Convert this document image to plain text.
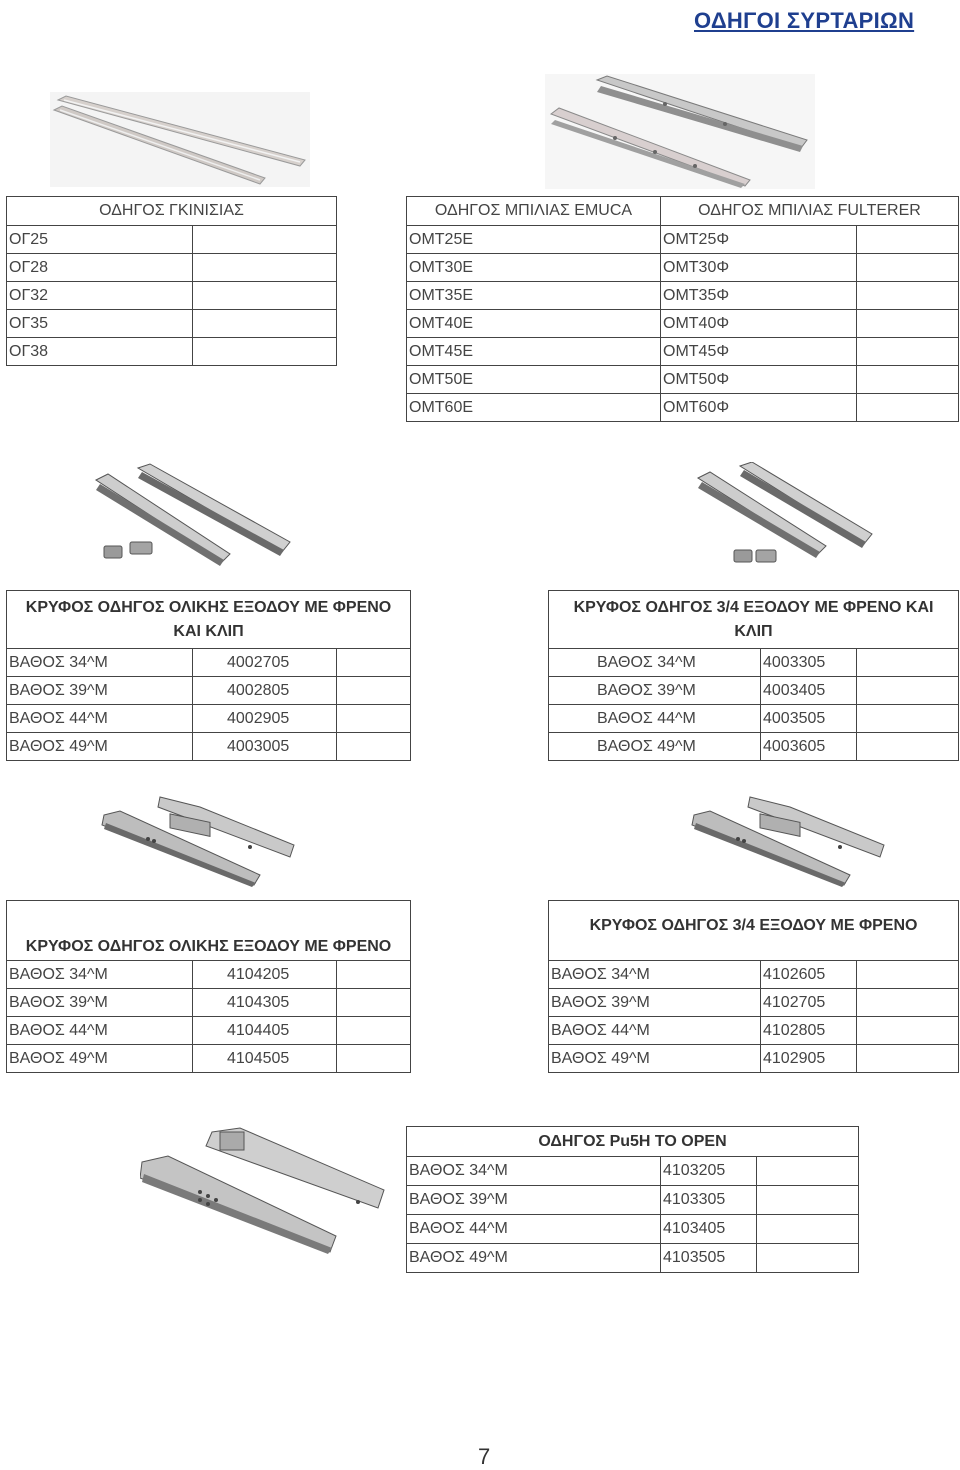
ΟΔΗΓΟΙ ΣΥΡΤΑΡΙΩΝ
ΟΔΗΓΟΣ ΓΚΙΝΙΣΙΑΣ	
ΟΓ25	
ΟΓ28	
ΟΓ32	
ΟΓ35	
ΟΓ38	
ΟΔΗΓΟΣ ΜΠΙΛΙΑΣ EMUCA	ΟΔΗΓΟΣ ΜΠΙΛΙΑΣ FULTERER	
ΟΜΤ25Ε	ΟΜΤ25Φ	
ΟΜΤ30Ε	ΟΜΤ30Φ	
ΟΜΤ35Ε	ΟΜΤ35Φ	
ΟΜΤ40Ε	ΟΜΤ40Φ	
ΟΜΤ45Ε	ΟΜΤ45Φ	
ΟΜΤ50Ε	ΟΜΤ50Φ	
ΟΜΤ60Ε	ΟΜΤ60Φ	
ΚΡΥΦΟΣ ΟΔΗΓΟΣ ΟΛΙΚΗΣ ΕΞΟΔΟΥ ΜΕ ΦΡΕΝΟ
ΚΑΙ ΚΛΙΠ		

ΒΑΘΟΣ 34^Μ	4002705	
ΒΑΘΟΣ 39^Μ	4002805	
ΒΑΘΟΣ 44^Μ	4002905	
ΒΑΘΟΣ 49^Μ	4003005	
ΚΡΥΦΟΣ ΟΔΗΓΟΣ 3/4 ΕΞΟΔΟΥ ΜΕ ΦΡΕΝΟ ΚΑΙ
ΚΛΙΠ		

ΒΑΘΟΣ 34^Μ	4003305	
ΒΑΘΟΣ 39^Μ	4003405	
ΒΑΘΟΣ 44^Μ	4003505	
ΒΑΘΟΣ 49^Μ	4003605	
ΚΡΥΦΟΣ ΟΔΗΓΟΣ ΟΛΙΚΗΣ ΕΞΟΔΟΥ ΜΕ ΦΡΕΝΟ		
ΒΑΘΟΣ 34^Μ	4104205	
ΒΑΘΟΣ 39^Μ	4104305	
ΒΑΘΟΣ 44^Μ	4104405	
ΒΑΘΟΣ 49^Μ	4104505	
ΚΡΥΦΟΣ ΟΔΗΓΟΣ 3/4 ΕΞΟΔΟΥ ΜΕ ΦΡΕΝΟ		
ΒΑΘΟΣ 34^Μ	4102605	
ΒΑΘΟΣ 39^Μ	4102705	
ΒΑΘΟΣ 44^Μ	4102805	
ΒΑΘΟΣ 49^Μ	4102905	
ΟΔΗΓΟΣ Pu5H TO OPEN		
ΒΑΘΟΣ 34^Μ	4103205	
ΒΑΘΟΣ 39^Μ	4103305	
ΒΑΘΟΣ 44^Μ	4103405	
ΒΑΘΟΣ 49^Μ	4103505	
7
